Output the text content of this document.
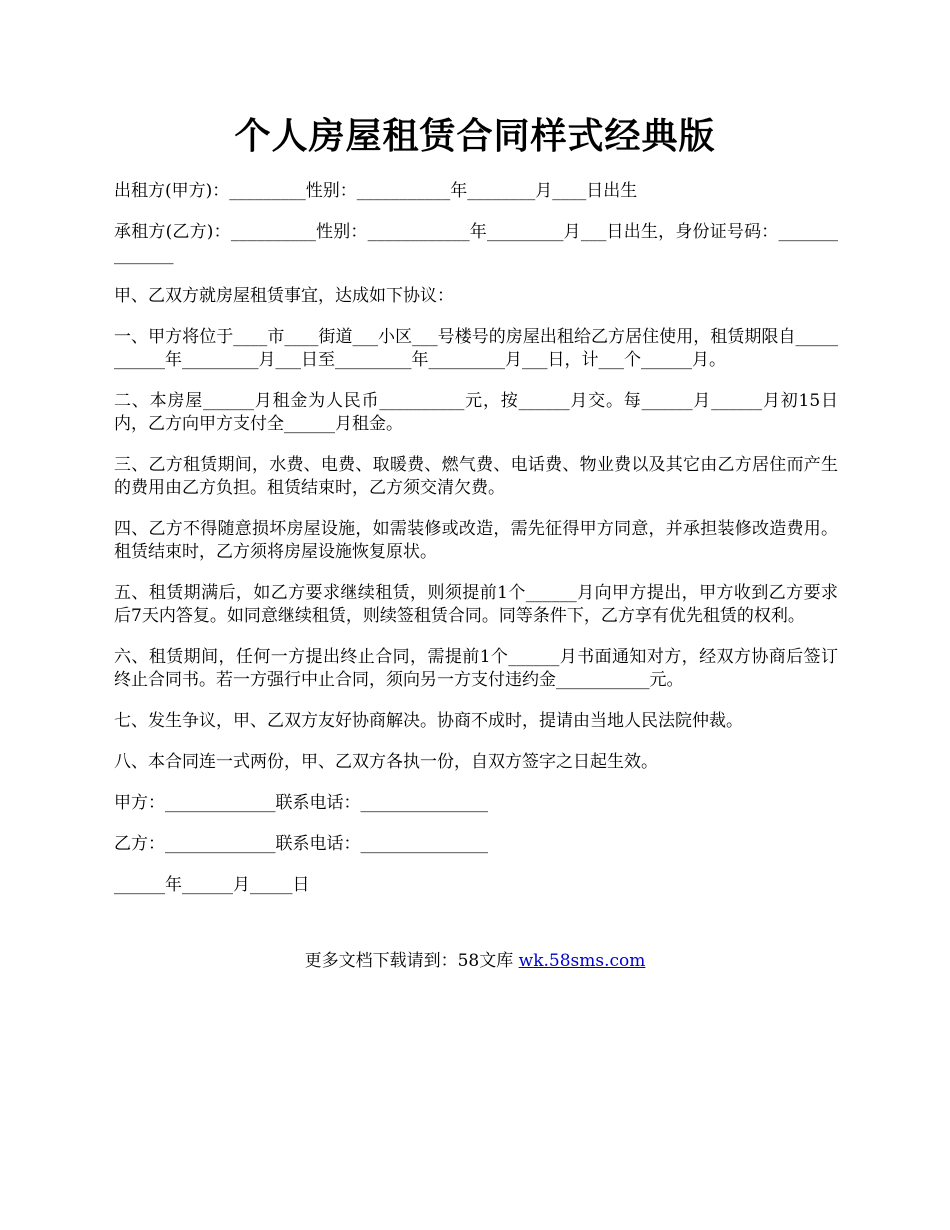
个人房屋租赁合同样式经典版

出租方(甲方)：_________性别：___________年________月____日出生

承租方(乙方)：__________性别：____________年_________月___日出生，身份证号码：______________

甲、乙双方就房屋租赁事宜，达成如下协议：

一、甲方将位于____市____街道___小区___号楼号的房屋出租给乙方居住使用，租赁期限自___________年_________月___日至_________年_________月___日，计___个______月。

二、本房屋______月租金为人民币__________元，按______月交。每______月______月初15日内，乙方向甲方支付全______月租金。

三、乙方租赁期间，水费、电费、取暖费、燃气费、电话费、物业费以及其它由乙方居住而产生的费用由乙方负担。租赁结束时，乙方须交清欠费。

四、乙方不得随意损坏房屋设施，如需装修或改造，需先征得甲方同意，并承担装修改造费用。租赁结束时，乙方须将房屋设施恢复原状。

五、租赁期满后，如乙方要求继续租赁，则须提前1个______月向甲方提出，甲方收到乙方要求后7天内答复。如同意继续租赁，则续签租赁合同。同等条件下，乙方享有优先租赁的权利。

六、租赁期间，任何一方提出终止合同，需提前1个______月书面通知对方，经双方协商后签订终止合同书。若一方强行中止合同，须向另一方支付违约金___________元。

七、发生争议，甲、乙双方友好协商解决。协商不成时，提请由当地人民法院仲裁。

八、本合同连一式两份，甲、乙双方各执一份，自双方签字之日起生效。

甲方：_____________联系电话：_______________

乙方：_____________联系电话：_______________

______年______月_____日

更多文档下载请到：58文库 wk.58sms.com
